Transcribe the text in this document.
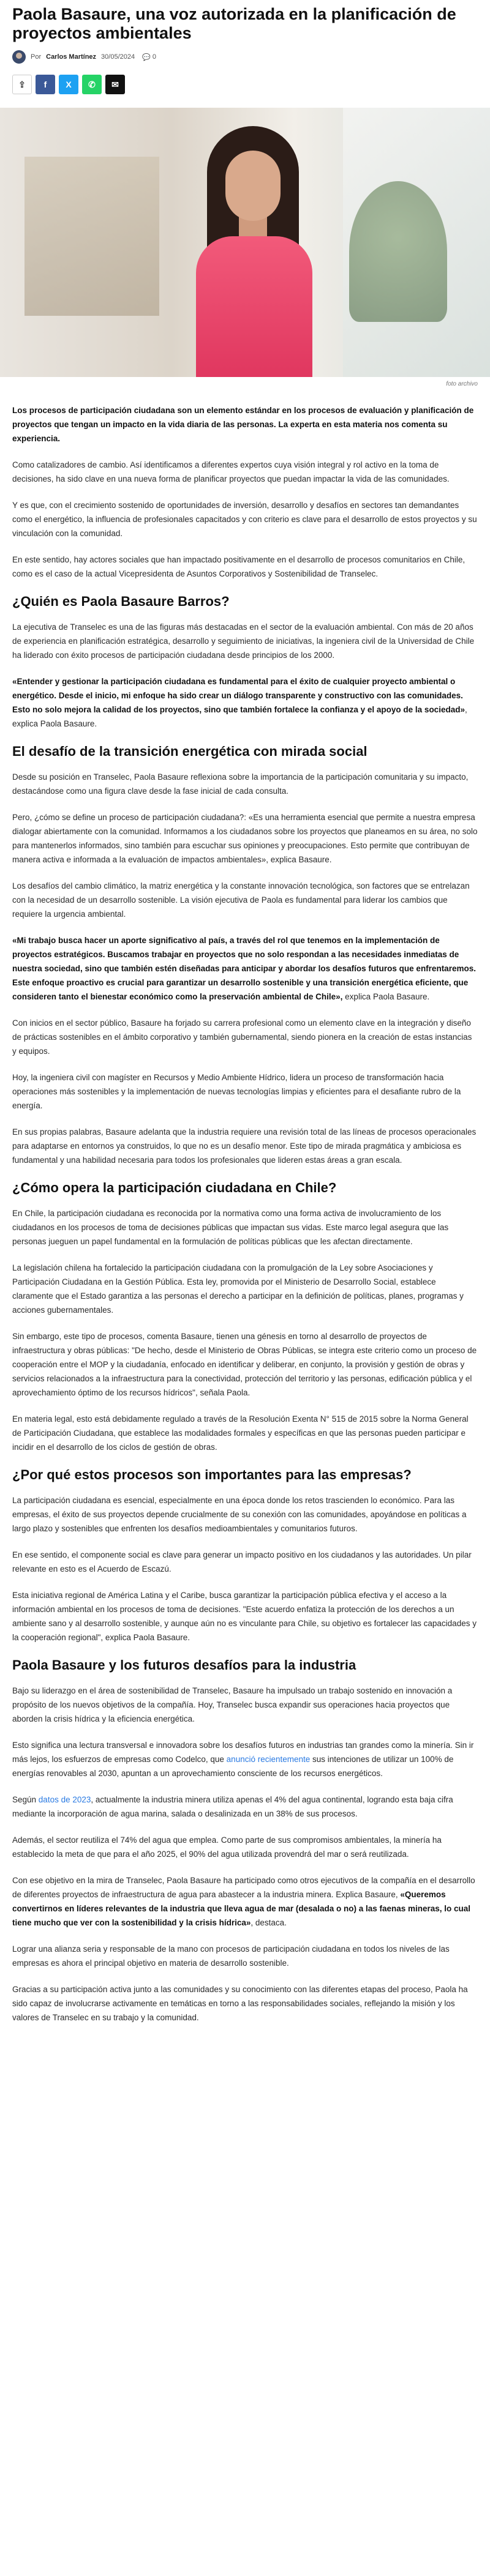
Paola Basaure, una voz autorizada en la planificación de proyectos ambientales
Por Carlos Martínez 30/05/2024 💬 0
⇪	f	X	✆	✉
foto archivo

Los procesos de participación ciudadana son un elemento estándar en los procesos de evaluación y planificación de proyectos que tengan un impacto en la vida diaria de las personas. La experta en esta materia nos comenta su experiencia.

Como catalizadores de cambio. Así identificamos a diferentes expertos cuya visión integral y rol activo en la toma de decisiones, ha sido clave en una nueva forma de planificar proyectos que puedan impactar la vida de las comunidades.

Y es que, con el crecimiento sostenido de oportunidades de inversión, desarrollo y desafíos en sectores tan demandantes como el energético, la influencia de profesionales capacitados y con criterio es clave para el desarrollo de estos proyectos y su vinculación con la comunidad.

En este sentido, hay actores sociales que han impactado positivamente en el desarrollo de procesos comunitarios en Chile, como es el caso de la actual Vicepresidenta de Asuntos Corporativos y Sostenibilidad de Transelec.

¿Quién es Paola Basaure Barros?

La ejecutiva de Transelec es una de las figuras más destacadas en el sector de la evaluación ambiental. Con más de 20 años de experiencia en planificación estratégica, desarrollo y seguimiento de iniciativas, la ingeniera civil de la Universidad de Chile ha liderado con éxito procesos de participación ciudadana desde principios de los 2000.

«Entender y gestionar la participación ciudadana es fundamental para el éxito de cualquier proyecto ambiental o energético. Desde el inicio, mi enfoque ha sido crear un diálogo transparente y constructivo con las comunidades. Esto no solo mejora la calidad de los proyectos, sino que también fortalece la confianza y el apoyo de la sociedad», explica Paola Basaure.

El desafío de la transición energética con mirada social

Desde su posición en Transelec, Paola Basaure reflexiona sobre la importancia de la participación comunitaria y su impacto, destacándose como una figura clave desde la fase inicial de cada consulta.

Pero, ¿cómo se define un proceso de participación ciudadana?: «Es una herramienta esencial que permite a nuestra empresa dialogar abiertamente con la comunidad. Informamos a los ciudadanos sobre los proyectos que planeamos en su área, no solo para mantenerlos informados, sino también para escuchar sus opiniones y preocupaciones. Esto permite que contribuyan de manera activa e informada a la evaluación de impactos ambientales», explica Basaure.

Los desafíos del cambio climático, la matriz energética y la constante innovación tecnológica, son factores que se entrelazan con la necesidad de un desarrollo sostenible. La visión ejecutiva de Paola es fundamental para liderar los cambios que requiere la urgencia ambiental.

«Mi trabajo busca hacer un aporte significativo al país, a través del rol que tenemos en la implementación de proyectos estratégicos. Buscamos trabajar en proyectos que no solo respondan a las necesidades inmediatas de nuestra sociedad, sino que también estén diseñadas para anticipar y abordar los desafíos futuros que enfrentaremos. Este enfoque proactivo es crucial para garantizar un desarrollo sostenible y una transición energética eficiente, que consideren tanto el bienestar económico como la preservación ambiental de Chile», explica Paola Basaure.

Con inicios en el sector público, Basaure ha forjado su carrera profesional como un elemento clave en la integración y diseño de prácticas sostenibles en el ámbito corporativo y también gubernamental, siendo pionera en la creación de estas instancias y equipos.

Hoy, la ingeniera civil con magíster en Recursos y Medio Ambiente Hídrico, lidera un proceso de transformación hacia operaciones más sostenibles y la implementación de nuevas tecnologías limpias y eficientes para el desafiante rubro de la energía.

En sus propias palabras, Basaure adelanta que la industria requiere una revisión total de las líneas de procesos operacionales para adaptarse en entornos ya construidos, lo que no es un desafío menor. Este tipo de mirada pragmática y ambiciosa es fundamental y una habilidad necesaria para todos los profesionales que lideren estas áreas a gran escala.

¿Cómo opera la participación ciudadana en Chile?

En Chile, la participación ciudadana es reconocida por la normativa como una forma activa de involucramiento de los ciudadanos en los procesos de toma de decisiones públicas que impactan sus vidas. Este marco legal asegura que las personas jueguen un papel fundamental en la formulación de políticas públicas que les afectan directamente.

La legislación chilena ha fortalecido la participación ciudadana con la promulgación de la Ley sobre Asociaciones y Participación Ciudadana en la Gestión Pública. Esta ley, promovida por el Ministerio de Desarrollo Social, establece claramente que el Estado garantiza a las personas el derecho a participar en la definición de políticas, planes, programas y acciones gubernamentales.

Sin embargo, este tipo de procesos, comenta Basaure, tienen una génesis en torno al desarrollo de proyectos de infraestructura y obras públicas: "De hecho, desde el Ministerio de Obras Públicas, se integra este criterio como un proceso de cooperación entre el MOP y la ciudadanía, enfocado en identificar y deliberar, en conjunto, la provisión y gestión de obras y servicios relacionados a la infraestructura para la conectividad, protección del territorio y las personas, edificación pública y el aprovechamiento óptimo de los recursos hídricos", señala Paola.

En materia legal, esto está debidamente regulado a través de la Resolución Exenta N° 515 de 2015 sobre la Norma General de Participación Ciudadana, que establece las modalidades formales y específicas en que las personas pueden participar e incidir en el desarrollo de los ciclos de gestión de obras.

¿Por qué estos procesos son importantes para las empresas?

La participación ciudadana es esencial, especialmente en una época donde los retos trascienden lo económico. Para las empresas, el éxito de sus proyectos depende crucialmente de su conexión con las comunidades, apoyándose en políticas a largo plazo y sostenibles que enfrenten los desafíos medioambientales y comunitarios futuros.

En ese sentido, el componente social es clave para generar un impacto positivo en los ciudadanos y las autoridades. Un pilar relevante en esto es el Acuerdo de Escazú.

Esta iniciativa regional de América Latina y el Caribe, busca garantizar la participación pública efectiva y el acceso a la información ambiental en los procesos de toma de decisiones. "Este acuerdo enfatiza la protección de los derechos a un ambiente sano y al desarrollo sostenible, y aunque aún no es vinculante para Chile, su objetivo es fortalecer las capacidades y la cooperación regional", explica Paola Basaure.

Paola Basaure y los futuros desafíos para la industria

Bajo su liderazgo en el área de sostenibilidad de Transelec, Basaure ha impulsado un trabajo sostenido en innovación a propósito de los nuevos objetivos de la compañía. Hoy, Transelec busca expandir sus operaciones hacia proyectos que aborden la crisis hídrica y la eficiencia energética.

Esto significa una lectura transversal e innovadora sobre los desafíos futuros en industrias tan grandes como la minería. Sin ir más lejos, los esfuerzos de empresas como Codelco, que anunció recientemente sus intenciones de utilizar un 100% de energías renovables al 2030, apuntan a un aprovechamiento consciente de los recursos energéticos.

Según datos de 2023, actualmente la industria minera utiliza apenas el 4% del agua continental, logrando esta baja cifra mediante la incorporación de agua marina, salada o desalinizada en un 38% de sus procesos.

Además, el sector reutiliza el 74% del agua que emplea. Como parte de sus compromisos ambientales, la minería ha establecido la meta de que para el año 2025, el 90% del agua utilizada provendrá del mar o será reutilizada.

Con ese objetivo en la mira de Transelec, Paola Basaure ha participado como otros ejecutivos de la compañía en el desarrollo de diferentes proyectos de infraestructura de agua para abastecer a la industria minera. Explica Basaure, «Queremos convertirnos en líderes relevantes de la industria que lleva agua de mar (desalada o no) a las faenas mineras, lo cual tiene mucho que ver con la sostenibilidad y la crisis hídrica», destaca.

Lograr una alianza seria y responsable de la mano con procesos de participación ciudadana en todos los niveles de las empresas es ahora el principal objetivo en materia de desarrollo sostenible.

Gracias a su participación activa junto a las comunidades y su conocimiento con las diferentes etapas del proceso, Paola ha sido capaz de involucrarse activamente en temáticas en torno a las responsabilidades sociales, reflejando la misión y los valores de Transelec en su trabajo y la comunidad.
